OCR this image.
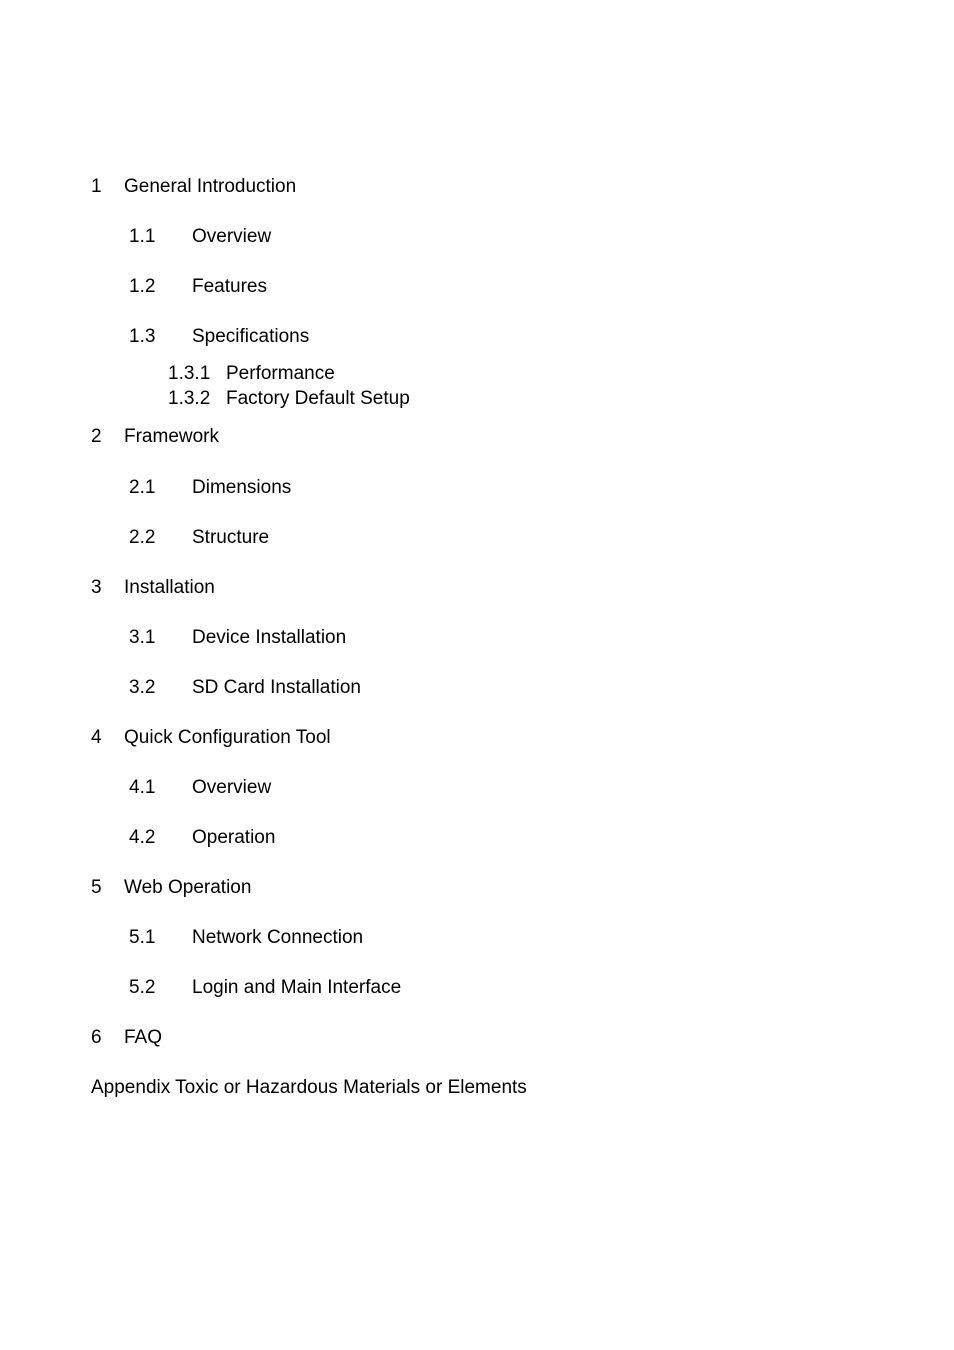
1 General Introduction
1.1 Overview
1.2 Features
1.3 Specifications
1.3.1 Performance
1.3.2 Factory Default Setup
2 Framework
2.1 Dimensions
2.2 Structure
3 Installation
3.1 Device Installation
3.2 SD Card Installation
4 Quick Configuration Tool
4.1 Overview
4.2 Operation
5 Web Operation
5.1 Network Connection
5.2 Login and Main Interface
6 FAQ
Appendix Toxic or Hazardous Materials or Elements
